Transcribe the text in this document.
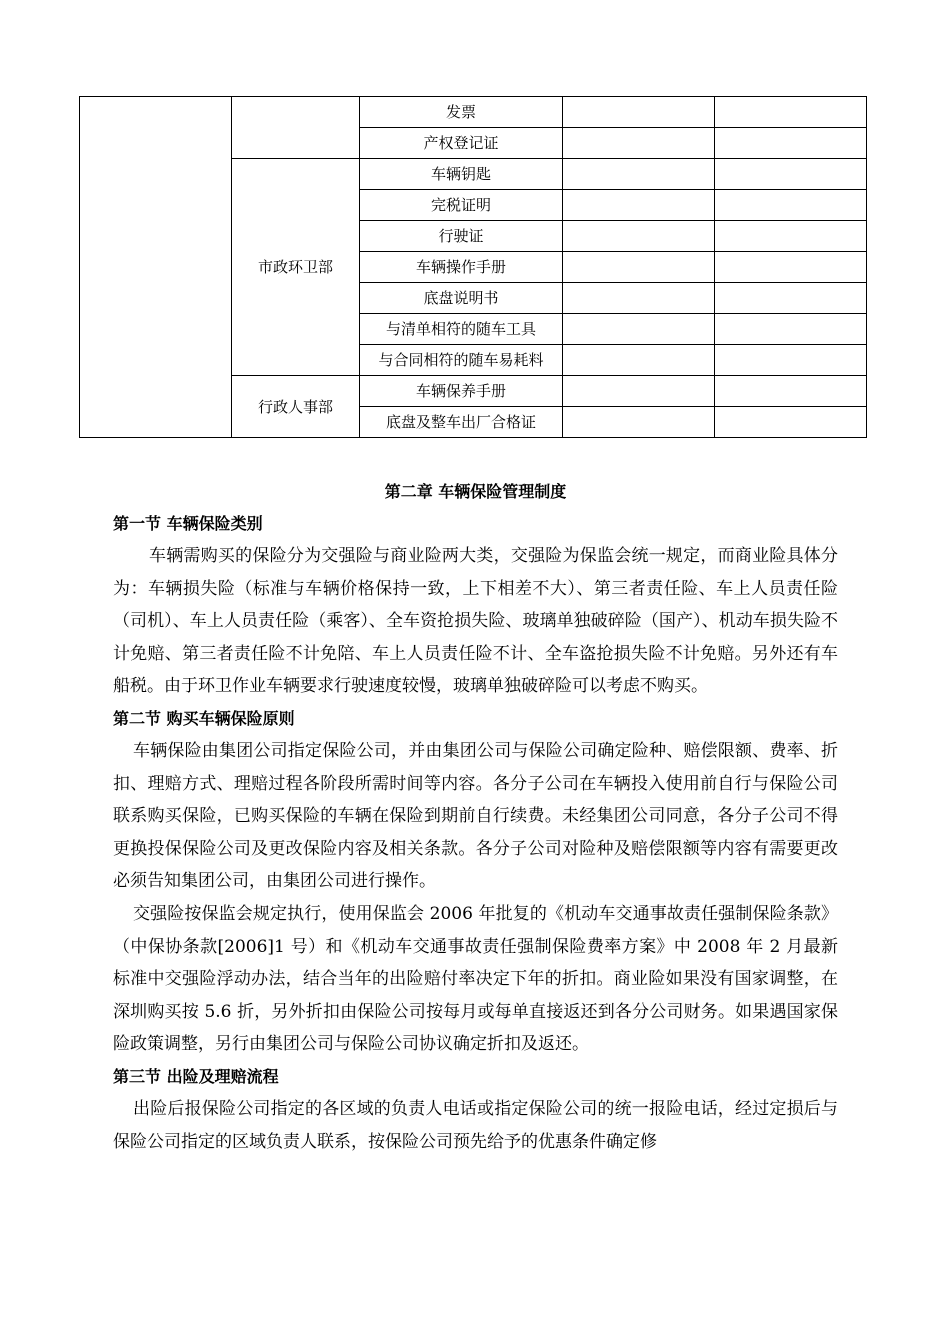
		发票		
		产权登记证		
	市政环卫部	车辆钥匙		
		完税证明		
		行驶证		
		车辆操作手册		
		底盘说明书		
		与清单相符的随车工具		
		与合同相符的随车易耗料		
	行政人事部	车辆保养手册		
		底盘及整车出厂合格证		

第二章 车辆保险管理制度

第一节 车辆保险类别

车辆需购买的保险分为交强险与商业险两大类，交强险为保监会统一规定，而商业险具体分为：车辆损失险（标准与车辆价格保持一致，上下相差不大）、第三者责任险、车上人员责任险（司机）、车上人员责任险（乘客）、全车资抢损失险、玻璃单独破碎险（国产）、机动车损失险不计免赔、第三者责任险不计免陪、车上人员责任险不计、全车盗抢损失险不计免赔。另外还有车船税。由于环卫作业车辆要求行驶速度较慢，玻璃单独破碎险可以考虑不购买。

第二节 购买车辆保险原则

车辆保险由集团公司指定保险公司，并由集团公司与保险公司确定险种、赔偿限额、费率、折扣、理赔方式、理赔过程各阶段所需时间等内容。各分子公司在车辆投入使用前自行与保险公司联系购买保险，已购买保险的车辆在保险到期前自行续费。未经集团公司同意，各分子公司不得更换投保保险公司及更改保险内容及相关条款。各分子公司对险种及赔偿限额等内容有需要更改必须告知集团公司，由集团公司进行操作。

交强险按保监会规定执行，使用保监会 2006 年批复的《机动车交通事故责任强制保险条款》（中保协条款[2006]1 号）和《机动车交通事故责任强制保险费率方案》中 2008 年 2 月最新标准中交强险浮动办法，结合当年的出险赔付率决定下年的折扣。商业险如果没有国家调整，在深圳购买按 5.6 折，另外折扣由保险公司按每月或每单直接返还到各分公司财务。如果遇国家保险政策调整，另行由集团公司与保险公司协议确定折扣及返还。

第三节 出险及理赔流程

出险后报保险公司指定的各区域的负责人电话或指定保险公司的统一报险电话，经过定损后与保险公司指定的区域负责人联系，按保险公司预先给予的优惠条件确定修
